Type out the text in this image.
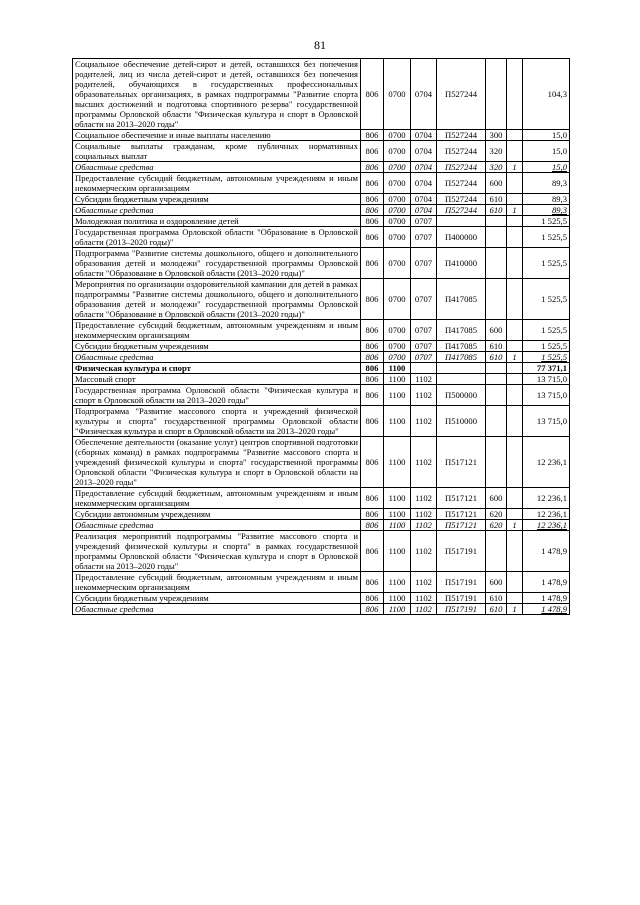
81
Социальное обеспечение детей-сирот и детей, оставшихся без попечения родителей, лиц из числа детей-сирот и детей, оставшихся без попечения родителей, обучающихся в государственных профессиональных образовательных организациях, в рамках подпрограммы "Развитие спорта высших достижений и подготовка спортивного резерва" государственной программы Орловской области "Физическая культура и спорт в Орловской области на 2013–2020 годы"	806	0700	0704	П527244			104,3
Социальное обеспечение и иные выплаты населению	806	0700	0704	П527244	300		15,0
Социальные выплаты гражданам, кроме публичных нормативных социальных выплат	806	0700	0704	П527244	320		15,0
Областные средства	806	0700	0704	П527244	320	1	15,0
Предоставление субсидий бюджетным, автономным учреждениям и иным некоммерческим организациям	806	0700	0704	П527244	600		89,3
Субсидии бюджетным учреждениям	806	0700	0704	П527244	610		89,3
Областные средства	806	0700	0704	П527244	610	1	89,3
Молодежная политика и оздоровление детей	806	0700	0707				1 525,5
Государственная программа Орловской области "Образование в Орловской области (2013–2020 годы)"	806	0700	0707	П400000			1 525,5
Подпрограмма "Развитие системы дошкольного, общего и дополнительного образования детей и молодежи" государственной программы Орловской области "Образование в Орловской области (2013–2020 годы)"	806	0700	0707	П410000			1 525,5
Мероприятия по организации оздоровительной кампании для детей в рамках подпрограммы "Развитие системы дошкольного, общего и дополнительного образования детей и молодежи" государственной программы Орловской области "Образование в Орловской области (2013–2020 годы)"	806	0700	0707	П417085			1 525,5
Предоставление субсидий бюджетным, автономным учреждениям и иным некоммерческим организациям	806	0700	0707	П417085	600		1 525,5
Субсидии бюджетным учреждениям	806	0700	0707	П417085	610		1 525,5
Областные средства	806	0700	0707	П417085	610	1	1 525,5
Физическая культура и спорт	806	1100					77 371,1
Массовый спорт	806	1100	1102				13 715,0
Государственная программа Орловской области "Физическая культура и спорт в Орловской области на 2013–2020 годы"	806	1100	1102	П500000			13 715,0
Подпрограмма "Развитие массового спорта и учреждений физической культуры и спорта" государственной программы Орловской области "Физическая культура и спорт в Орловской области на 2013–2020 годы"	806	1100	1102	П510000			13 715,0
Обеспечение деятельности (оказание услуг) центров спортивной подготовки (сборных команд) в рамках подпрограммы "Развитие массового спорта и учреждений физической культуры и спорта" государственной программы Орловской области "Физическая культура и спорт в Орловской области на 2013–2020 годы"	806	1100	1102	П517121			12 236,1
Предоставление субсидий бюджетным, автономным учреждениям и иным некоммерческим организациям	806	1100	1102	П517121	600		12 236,1
Субсидии автономным учреждениям	806	1100	1102	П517121	620		12 236,1
Областные средства	806	1100	1102	П517121	620	1	12 236,1
Реализация мероприятий подпрограммы "Развитие массового спорта и учреждений физической культуры и спорта" в рамках государственной программы Орловской области "Физическая культура и спорт в Орловской области на 2013–2020 годы"	806	1100	1102	П517191			1 478,9
Предоставление субсидий бюджетным, автономным учреждениям и иным некоммерческим организациям	806	1100	1102	П517191	600		1 478,9
Субсидии бюджетным учреждениям	806	1100	1102	П517191	610		1 478,9
Областные средства	806	1100	1102	П517191	610	1	1 478,9
